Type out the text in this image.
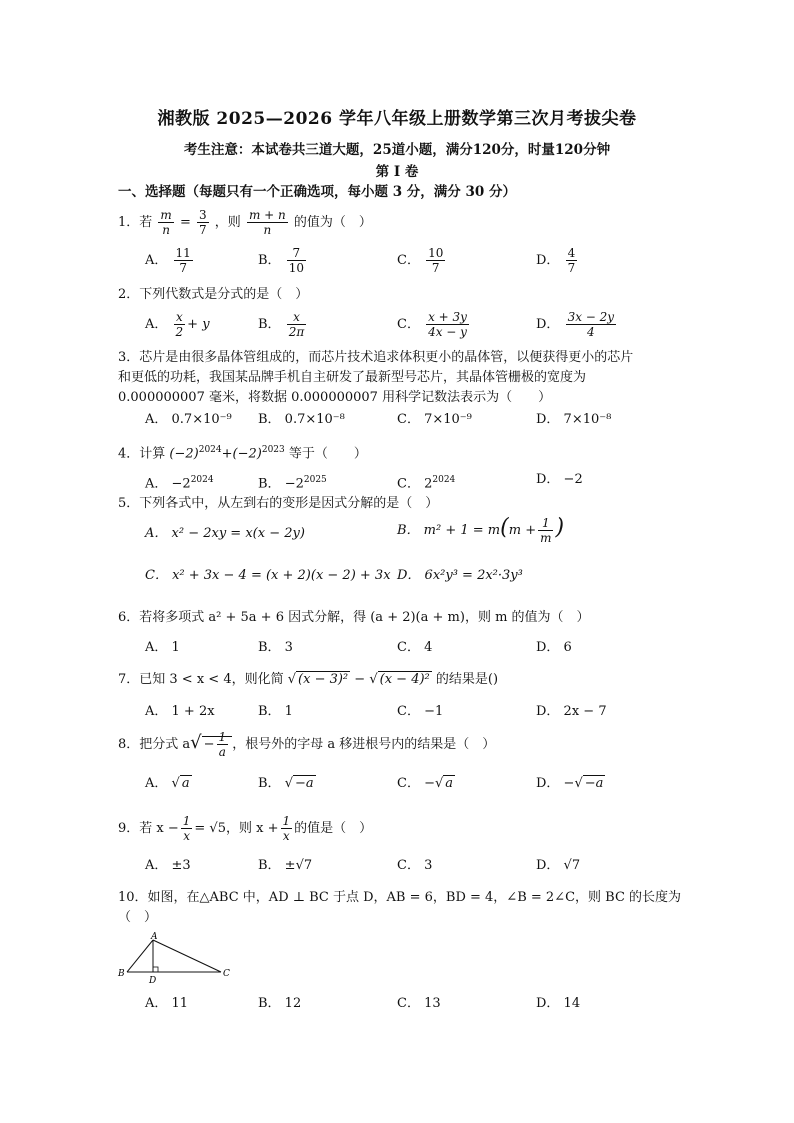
湘教版 2025—2026 学年八年级上册数学第三次月考拔尖卷
考生注意：本试卷共三道大题，25道小题，满分120分，时量120分钟
第 I 卷
一、选择题（每题只有一个正确选项，每小题 3 分，满分 30 分）
1．若 $\frac{m}{n} = \frac{3}{7}$ ，则 $\frac{m + n}{n}$ 的值为（　）
A． $\frac{11}{7}$	B． $\frac{7}{10}$	C． $\frac{10}{7}$	D． $\frac{4}{7}$
2．下列代数式是分式的是（　）
A． $\frac{x}{2} + y$	B． $\frac{x}{2\pi}$	C． $\frac{x + 3y}{4x - y}$	D． $\frac{3x - 2y}{4}$
3．芯片是由很多晶体管组成的，而芯片技术追求体积更小的晶体管，以便获得更小的芯片
和更低的功耗，我国某品牌手机自主研发了最新型号芯片，其晶体管栅极的宽度为
0.000000007 毫米，将数据 0.000000007 用科学记数法表示为（　　）
A． 0.7×10⁻⁹ B． 0.7×10⁻⁸	C． 7×10⁻⁹	D． 7×10⁻⁸
4．计算 $(-2)^{2024}+(-2)^{2023}$ 等于（　　）
A． $-2^{2024}$	B． $-2^{2025}$	C． $2^{2024}$	D． −2
5．下列各式中，从左到右的变形是因式分解的是（　）
A． x² − 2xy = x(x − 2y)	B． $m^2 + 1 = m(m + \frac{1}{m}$ )
C． x² + 3x − 4 = (x + 2)(x − 2) + 3x D． 6x²y³ = 2x²·3y³
6．若将多项式 a² + 5a + 6 因式分解，得 (a + 2)(a + m)，则 m 的值为（　）
A． 1	B． 3	C． 4	D． 6
7．已知 3 < x < 4，则化简 √ (x − 3)² − √ (x − 4)² 的结果是()
A． 1 + 2x	B． 1	C． −1	D． 2x − 7
8．把分式 $a√ - \frac{1}{a}$ ，根号外的字母 a 移进根号内的结果是（　）
A． √ a	B． √ −a	C． −√ a	D． −√ −a
9．若 $x - \frac{1}{x} = √5$，则 $x + \frac{1}{x}$ 的值是（　）
A． ±3	B． ±√7	C． 3	D． √7
10．如图，在△ABC 中，AD ⊥ BC 于点 D，AB = 6，BD = 4，∠B = 2∠C，则 BC 的长度为
（　）
A
B	C
D
A． 11	B． 12	C． 13	D． 14
